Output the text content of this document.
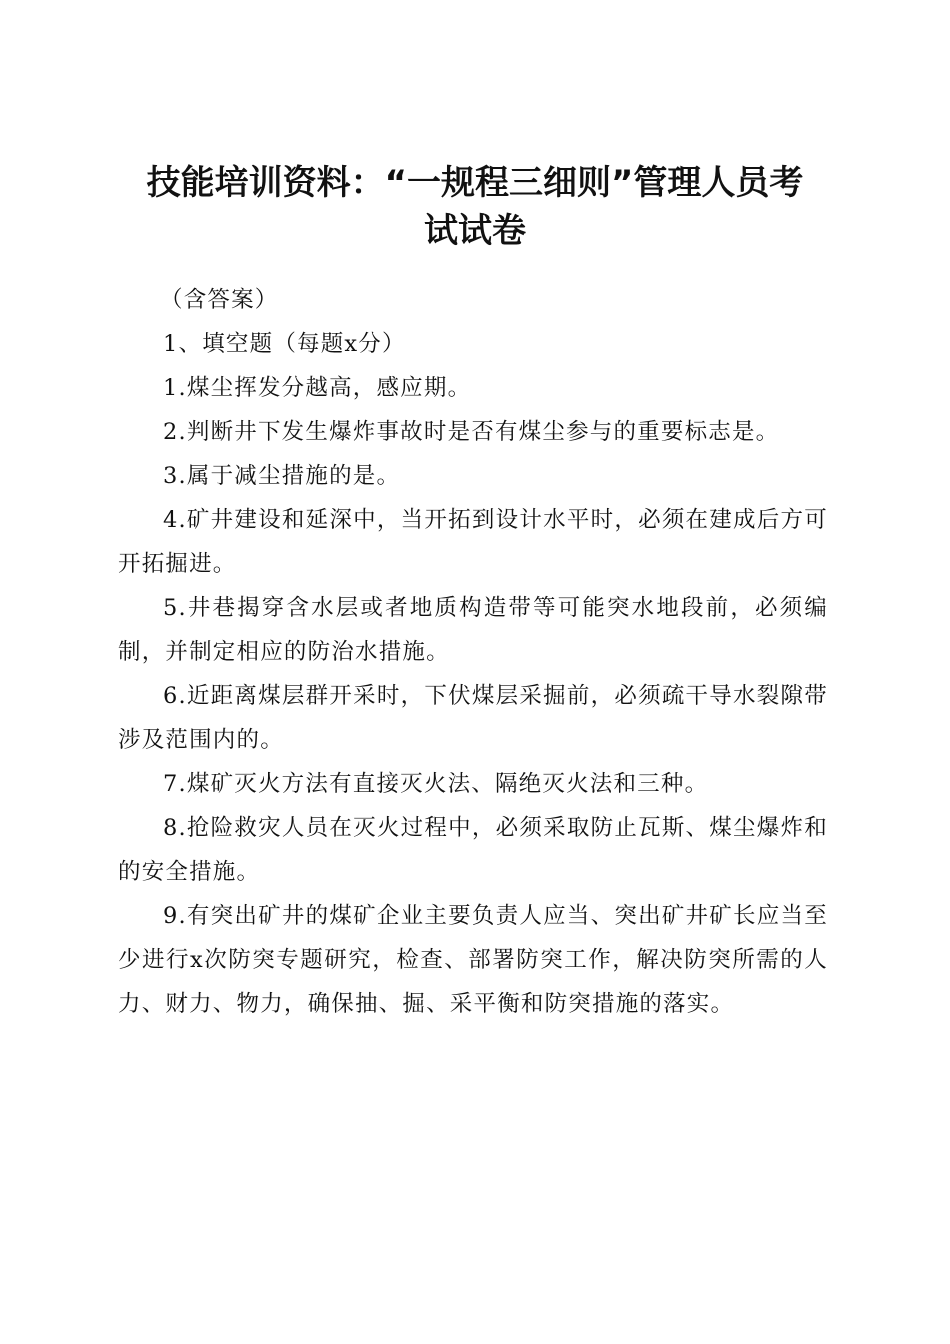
技能培训资料：“一规程三细则”管理人员考
试试卷

（含答案）

1、填空题（每题x分）

1.煤尘挥发分越高，感应期。

2.判断井下发生爆炸事故时是否有煤尘参与的重要标志是。

3.属于减尘措施的是。

4.矿井建设和延深中，当开拓到设计水平时，必须在建成后方可开拓掘进。

5.井巷揭穿含水层或者地质构造带等可能突水地段前，必须编制，并制定相应的防治水措施。

6.近距离煤层群开采时，下伏煤层采掘前，必须疏干导水裂隙带涉及范围内的。

7.煤矿灭火方法有直接灭火法、隔绝灭火法和三种。

8.抢险救灾人员在灭火过程中，必须采取防止瓦斯、煤尘爆炸和的安全措施。

9.有突出矿井的煤矿企业主要负责人应当、突出矿井矿长应当至少进行x次防突专题研究，检查、部署防突工作，解决防突所需的人力、财力、物力，确保抽、掘、采平衡和防突措施的落实。
